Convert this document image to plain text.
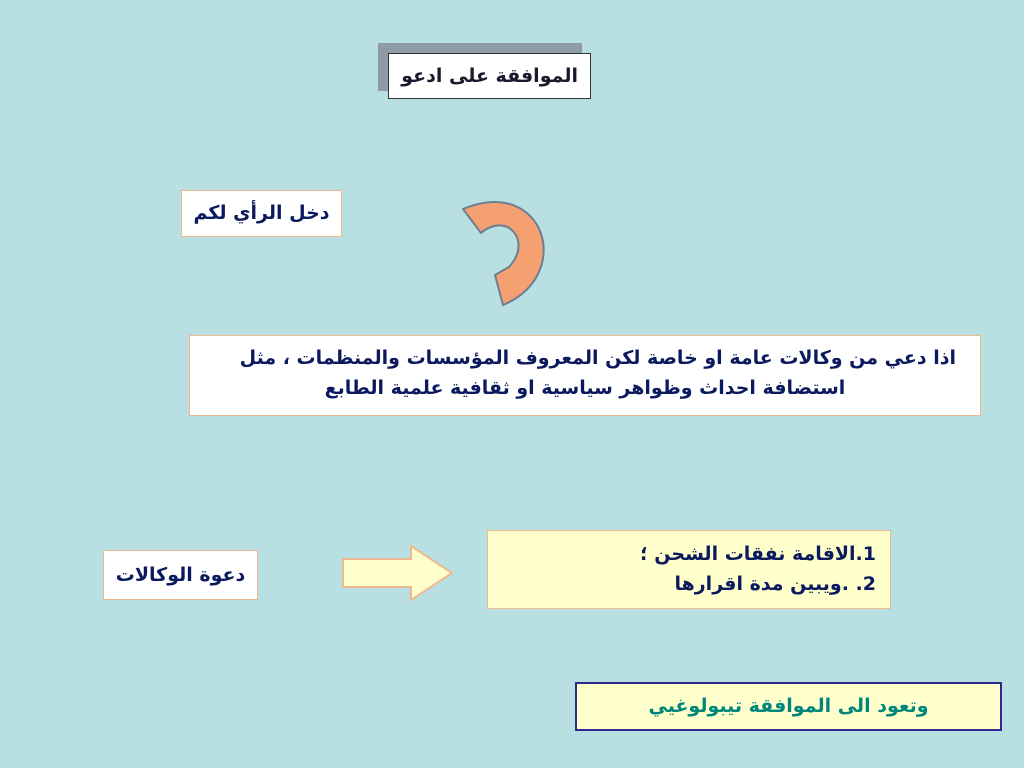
الموافقة على ادعو
دخل الرأي لكم
اذا دعي من وكالات عامة او خاصة لكن المعروف المؤسسات والمنظمات ، مثل
استضافة احداث وظواهر سياسية او ثقافية علمية الطابع
دعوة الوكالات
1.الاقامة نفقات الشحن ؛
2. .ويبين مدة اقرارها
وتعود الى الموافقة تيبولوغيي
